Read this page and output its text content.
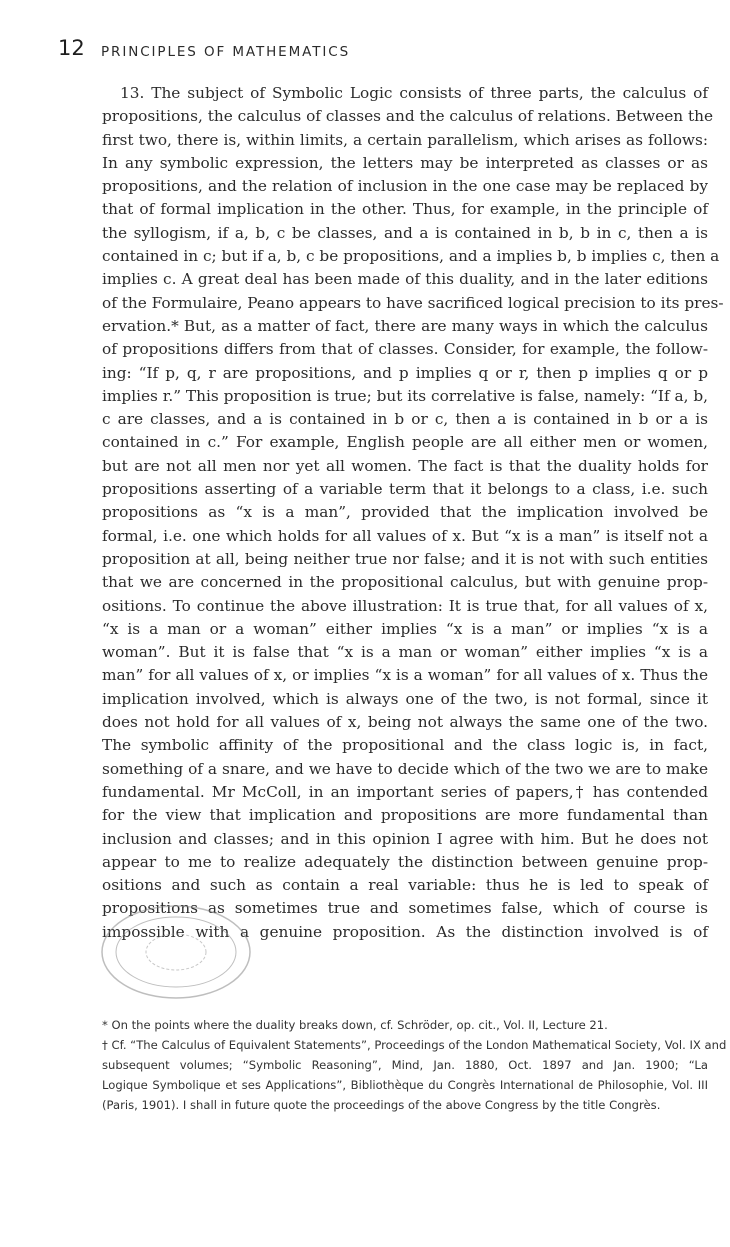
12 PRINCIPLES OF MATHEMATICS
13. The subject of Symbolic Logic consists of three parts, the calculus of
propositions, the calculus of classes and the calculus of relations. Between the
first two, there is, within limits, a certain parallelism, which arises as follows:
In any symbolic expression, the letters may be interpreted as classes or as
propositions, and the relation of inclusion in the one case may be replaced by
that of formal implication in the other. Thus, for example, in the principle of
the syllogism, if a, b, c be classes, and a is contained in b, b in c, then a is
contained in c; but if a, b, c be propositions, and a implies b, b implies c, then a
implies c. A great deal has been made of this duality, and in the later editions
of the Formulaire, Peano appears to have sacrificed logical precision to its pres-
ervation.* But, as a matter of fact, there are many ways in which the calculus
of propositions differs from that of classes. Consider, for example, the follow-
ing: “If p, q, r are propositions, and p implies q or r, then p implies q or p
implies r.” This proposition is true; but its correlative is false, namely: “If a, b,
c are classes, and a is contained in b or c, then a is contained in b or a is
contained in c.” For example, English people are all either men or women,
but are not all men nor yet all women. The fact is that the duality holds for
propositions asserting of a variable term that it belongs to a class, i.e. such
propositions as “x is a man”, provided that the implication involved be
formal, i.e. one which holds for all values of x. But “x is a man” is itself not a
proposition at all, being neither true nor false; and it is not with such entities
that we are concerned in the propositional calculus, but with genuine prop-
ositions. To continue the above illustration: It is true that, for all values of x,
“x is a man or a woman” either implies “x is a man” or implies “x is a
woman”. But it is false that “x is a man or woman” either implies “x is a
man” for all values of x, or implies “x is a woman” for all values of x. Thus the
implication involved, which is always one of the two, is not formal, since it
does not hold for all values of x, being not always the same one of the two.
The symbolic affinity of the propositional and the class logic is, in fact,
something of a snare, and we have to decide which of the two we are to make
fundamental. Mr McColl, in an important series of papers,† has contended
for the view that implication and propositions are more fundamental than
inclusion and classes; and in this opinion I agree with him. But he does not
appear to me to realize adequately the distinction between genuine prop-
ositions and such as contain a real variable: thus he is led to speak of
propositions as sometimes true and sometimes false, which of course is
impossible with a genuine proposition. As the distinction involved is of
* On the points where the duality breaks down, cf. Schröder, op. cit., Vol. II, Lecture 21.
† Cf. “The Calculus of Equivalent Statements”, Proceedings of the London Mathematical Society, Vol. IX and
subsequent volumes; “Symbolic Reasoning”, Mind, Jan. 1880, Oct. 1897 and Jan. 1900; “La
Logique Symbolique et ses Applications”, Bibliothèque du Congrès International de Philosophie, Vol. III
(Paris, 1901). I shall in future quote the proceedings of the above Congress by the title Congrès.
